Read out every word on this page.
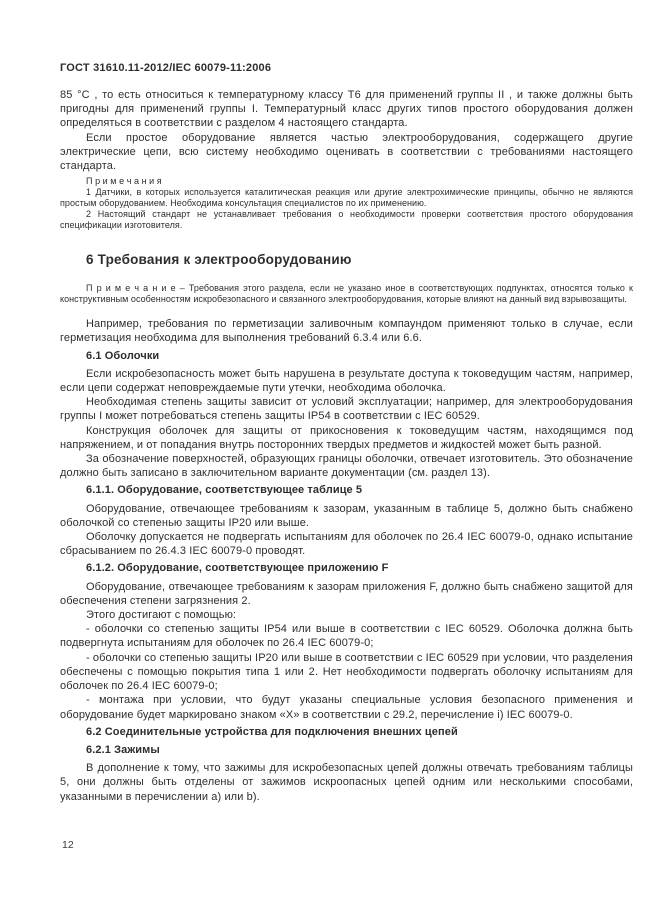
ГОСТ 31610.11-2012/IEC 60079-11:2006

85 °С , то есть относиться к температурному классу Т6 для применений группы II , и также должны быть пригодны для применений группы I. Температурный класс других типов простого оборудования должен определяться в соответствии с разделом 4 настоящего стандарта.

Если простое оборудование является частью электрооборудования, содержащего другие электрические цепи, всю систему необходимо оценивать в соответствии с требованиями настоящего стандарта.

П р и м е ч а н и я

1 Датчики, в которых используется каталитическая реакция или другие электрохимические принципы, обычно не являются простым оборудованием. Необходима консультация специалистов по их применению.

2 Настоящий стандарт не устанавливает требования о необходимости проверки соответствия простого оборудования спецификации изготовителя.

6 Требования к электрооборудованию

П р и м е ч а н и е – Требования этого раздела, если не указано иное в соответствующих подпунктах, относятся только к конструктивным особенностям искробезопасного и связанного электрооборудования, которые влияют на данный вид взрывозащиты.

Например, требования по герметизации заливочным компаундом применяют только в случае, если герметизация необходима для выполнения требований 6.3.4 или 6.6.

6.1 Оболочки

Если искробезопасность может быть нарушена в результате доступа к токоведущим частям, например, если цепи содержат неповреждаемые пути утечки, необходима оболочка.

Необходимая степень защиты зависит от условий эксплуатации; например, для электрооборудования группы I может потребоваться степень защиты IP54 в соответствии с IEC 60529.

Конструкция оболочек для защиты от прикосновения к токоведущим частям, находящимся под напряжением, и от попадания внутрь посторонних твердых предметов и жидкостей может быть разной.

За обозначение поверхностей, образующих границы оболочки, отвечает изготовитель. Это обозначение должно быть записано в заключительном варианте документации (см. раздел 13).

6.1.1. Оборудование, соответствующее таблице 5

Оборудование, отвечающее требованиям к зазорам, указанным в таблице 5, должно быть снабжено оболочкой со степенью защиты IP20 или выше.

Оболочку допускается не подвергать испытаниям для оболочек по 26.4 IEC 60079-0, однако испытание сбрасыванием по 26.4.3 IEC 60079-0 проводят.

6.1.2. Оборудование, соответствующее приложению F

Оборудование, отвечающее требованиям к зазорам приложения F, должно быть снабжено защитой для обеспечения степени загрязнения 2.

Этого достигают с помощью:

- оболочки со степенью защиты IP54 или выше в соответствии с IEC 60529. Оболочка должна быть подвергнута испытаниям для оболочек по 26.4 IEC 60079-0;

- оболочки со степенью защиты IP20 или выше в соответствии с IEC 60529 при условии, что разделения обеспечены с помощью покрытия типа 1 или 2. Нет необходимости подвергать оболочку испытаниям для оболочек по 26.4 IEC 60079-0;

- монтажа при условии, что будут указаны специальные условия безопасного применения и оборудование будет маркировано знаком «Х» в соответствии с 29.2, перечисление i) IEC 60079-0.

6.2 Соединительные устройства для подключения внешних цепей
6.2.1 Зажимы

В дополнение к тому, что зажимы для искробезопасных цепей должны отвечать требованиям таблицы 5, они должны быть отделены от зажимов искроопасных цепей одним или несколькими способами, указанными в перечислении a) или b).

12
